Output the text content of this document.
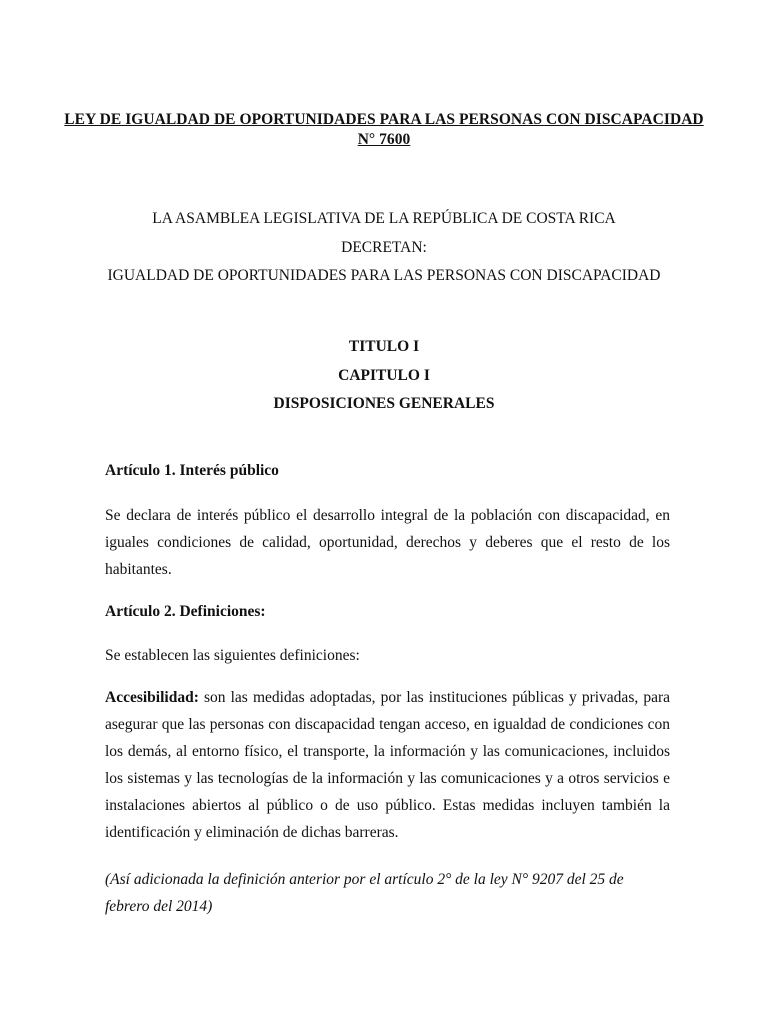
LEY DE IGUALDAD DE OPORTUNIDADES PARA LAS PERSONAS CON DISCAPACIDAD

N° 7600

LA ASAMBLEA LEGISLATIVA DE LA REPÚBLICA DE COSTA RICA

DECRETAN:

IGUALDAD DE OPORTUNIDADES PARA LAS PERSONAS CON DISCAPACIDAD

TITULO I

CAPITULO I

DISPOSICIONES GENERALES

Artículo 1. Interés público

Se declara de interés público el desarrollo integral de la población con discapacidad, en iguales condiciones de calidad, oportunidad, derechos y deberes que el resto de los habitantes.

Artículo 2. Definiciones:

Se establecen las siguientes definiciones:

Accesibilidad: son las medidas adoptadas, por las instituciones públicas y privadas, para asegurar que las personas con discapacidad tengan acceso, en igualdad de condiciones con los demás, al entorno físico, el transporte, la información y las comunicaciones, incluidos los sistemas y las tecnologías de la información y las comunicaciones y a otros servicios e instalaciones abiertos al público o de uso público. Estas medidas incluyen también la identificación y eliminación de dichas barreras.

(Así adicionada la definición anterior por el artículo 2° de la ley N° 9207 del 25 de febrero del 2014)
